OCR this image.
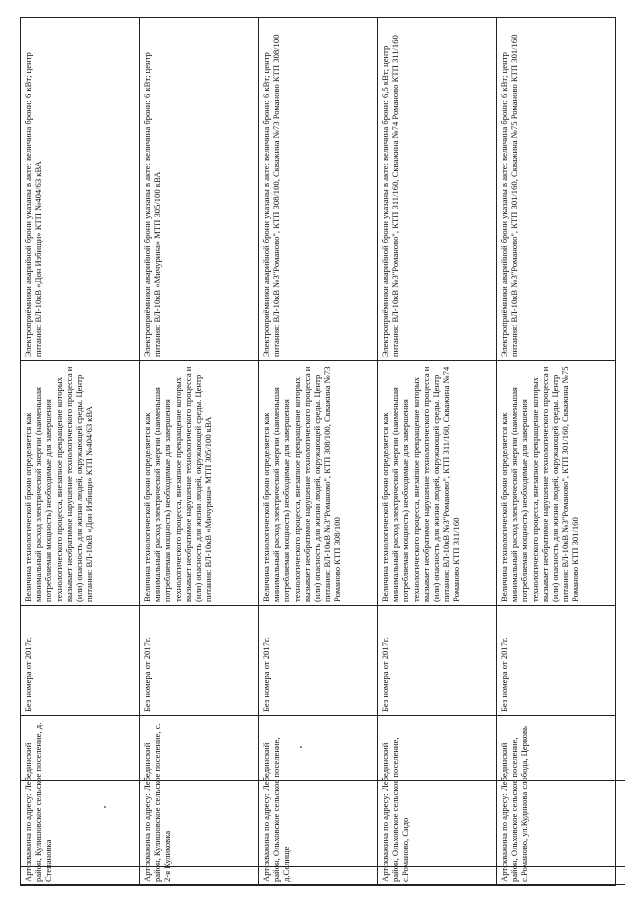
Артскважина по адресу: Лебединский район, Кулишовское сельское поселение, д. Степановка	Без номера от 2017г.	Величина технологической брони определяется как минимальный расход электрической энергии (наименьшая потребляемая мощность) необходимые для завершения технологического процесса, внезапное прекращение которых вызывает необратимое нарушение технологического процесса и (или) опасность для жизни людей, окружающей среды. Центр питания: ВЛ-10кВ «Дон Избищи» КТП №404/63 кВА	Электроприёмники аварийной брони указаны в акте: величина брони: 6 кВт; центр питания: ВЛ-10кВ «Дон Избищи» КТП №404/63 кВА
Артскважина по адресу: Лебединский район, Кулишовское сельское поселение, с. 2-я Куликовка	Без номера от 2017г.	Величина технологической брони определяется как минимальный расход электрической энергии (наименьшая потребляемая мощность) необходимые для завершения технологического процесса, внезапное прекращение которых вызывает необратимое нарушение технологического процесса и (или) опасность для жизни людей, окружающей среды. Центр питания: ВЛ-10кВ «Мичурина» МТП 305/100 кВА	Электроприёмники аварийной брони указаны в акте: величина брони: 6 кВт; центр питания: ВЛ-10кВ «Мичурина» МТП 305/100 кВА
Артскважина по адресу: Лебединский район, Ольховское сельское поселение, д.Селище	Без номера от 2017г.	Величина технологической брони определяется как минимальный расход электрической энергии (наименьшая потребляемая мощность) необходимые для завершения технологического процесса, внезапное прекращение которых вызывает необратимое нарушение технологического процесса и (или) опасность для жизни людей, окружающей среды. Центр питания: ВЛ-10кВ №3"Романово", КТП 308/100, Скважина №73 Романово КТП 308/100	Электроприёмники аварийной брони указаны в акте: величина брони: 6 кВт; центр питания: ВЛ-10кВ №3"Романово", КТП 308/100, Скважина №73 Романово КТП 308/100
Артскважина по адресу: Лебединский район, Ольховское сельское поселение, с.Романово, Сидо	Без номера от 2017г.	Величина технологической брони определяется как минимальный расход электрической энергии (наименьшая потребляемая мощность) необходимые для завершения технологического процесса, внезапное прекращение которых вызывает необратимое нарушение технологического процесса и (или) опасность для жизни людей, окружающей среды. Центр питания: ВЛ-10кВ №3"Романово", КТП 311/160, Скважина №74 Романово КТП 311/160	Электроприёмники аварийной брони указаны в акте: величина брони: 6,5 кВт; центр питания: ВЛ-10кВ №3"Романово", КТП 311/160, Скважина №74 Романово КТП 311/160
Артскважина по адресу: Лебединский район, Ольховское сельское поселение, с.Романово, ул.Кудинова слобода, Церковь	Без номера от 2017г.	Величина технологической брони определяется как минимальный расход электрической энергии (наименьшая потребляемая мощность) необходимые для завершения технологического процесса, внезапное прекращение которых вызывает необратимое нарушение технологического процесса и (или) опасность для жизни людей, окружающей среды. Центр питания: ВЛ-10кВ №3"Романово", КТП 301/160, Скважина №75 Романово КТП 301/160	Электроприёмники аварийной брони указаны в акте: величина брони: 6 кВт; центр питания: ВЛ-10кВ №3"Романово", КТП 301/160, Скважина №75 Романово КТП 301/160
